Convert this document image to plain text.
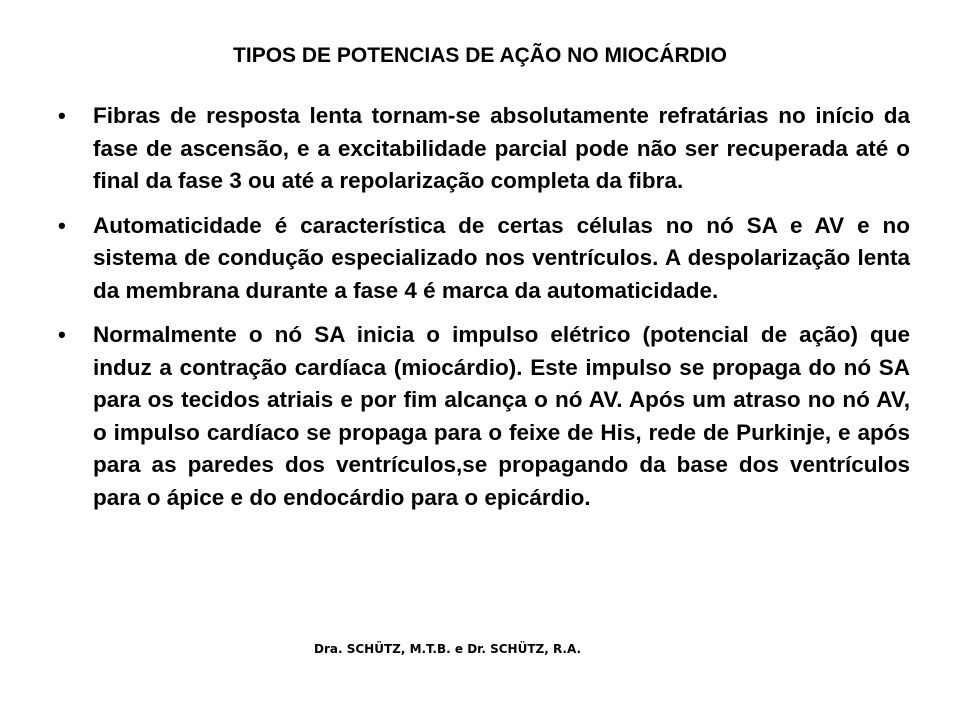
TIPOS DE POTENCIAS DE AÇÃO NO MIOCÁRDIO
• Fibras de resposta lenta tornam-se absolutamente refratárias no início da fase de ascensão, e a excitabilidade parcial pode não ser recuperada até o final da fase 3 ou até a repolarização completa da fibra.
• Automaticidade é característica de certas células no nó SA e AV e no sistema de condução especializado nos ventrículos. A despolarização lenta da membrana durante a fase 4 é marca da automaticidade.
• Normalmente o nó SA inicia o impulso elétrico (potencial de ação) que induz a contração cardíaca (miocárdio). Este impulso se propaga do nó SA para os tecidos atriais e por fim alcança o nó AV. Após um atraso no nó AV, o impulso cardíaco se propaga para o feixe de His, rede de Purkinje, e após para as paredes dos ventrículos,se propagando da base dos ventrículos para o ápice e do endocárdio para o epicárdio.
Dra. SCHÜTZ, M.T.B. e Dr. SCHÜTZ, R.A.
